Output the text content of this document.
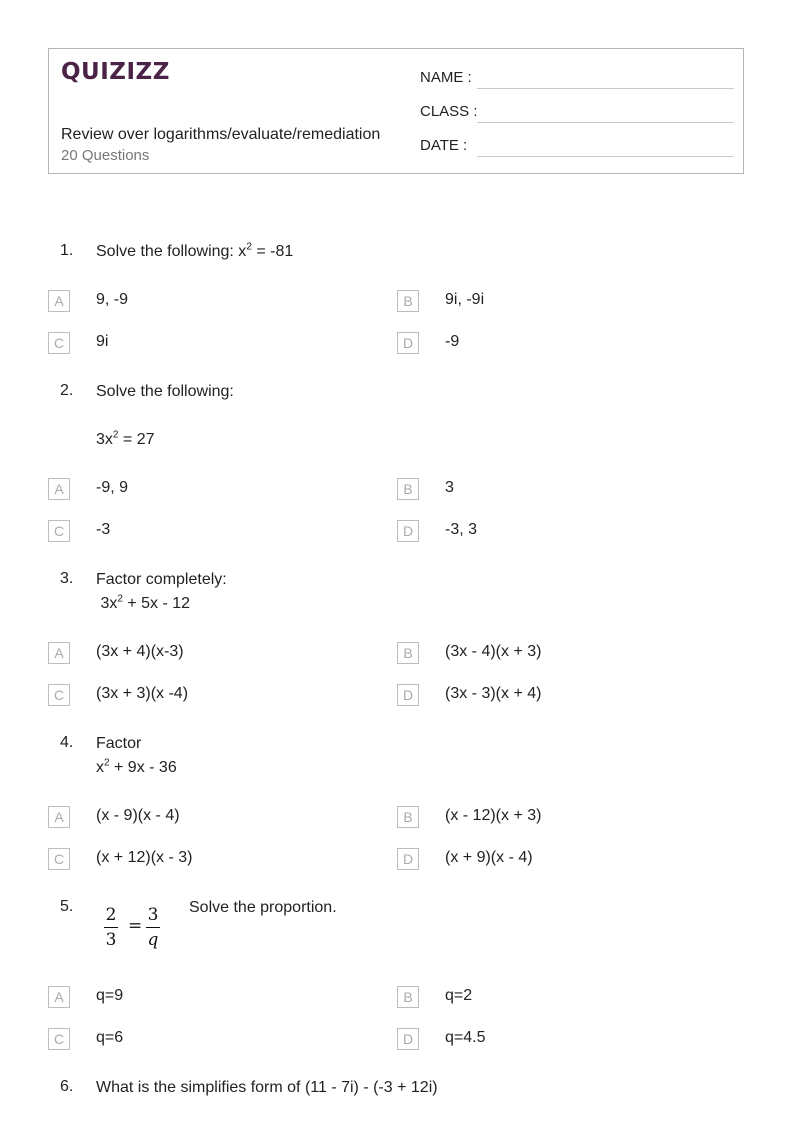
QUIZIZZ
Review over logarithms/evaluate/remediation
20 Questions
NAME :
CLASS :
DATE :
1. Solve the following: $x^2 = -81$
A	9, -9	B	9i, -9i
C	9i	D	-9
2. Solve the following:
$3x^2 = 27$
A	-9, 9	B	3
C	-3	D	-3, 3
3. Factor completely:
$3x^2 + 5x - 12$
A	(3x + 4)(x-3)	B	(3x - 4)(x + 3)
C	(3x + 3)(x -4)	D	(3x - 3)(x + 4)
4. Factor
$x^2 + 9x - 36$
A	(x - 9)(x - 4)	B	(x - 12)(x + 3)
C	(x + 12)(x - 3)	D	(x + 9)(x - 4)
5. 2
3
=
3
q
Solve the proportion.
A	q=9	B	q=2
C	q=6	D	q=4.5
6. What is the simplifies form of (11 - 7i) - (-3 + 12i)
